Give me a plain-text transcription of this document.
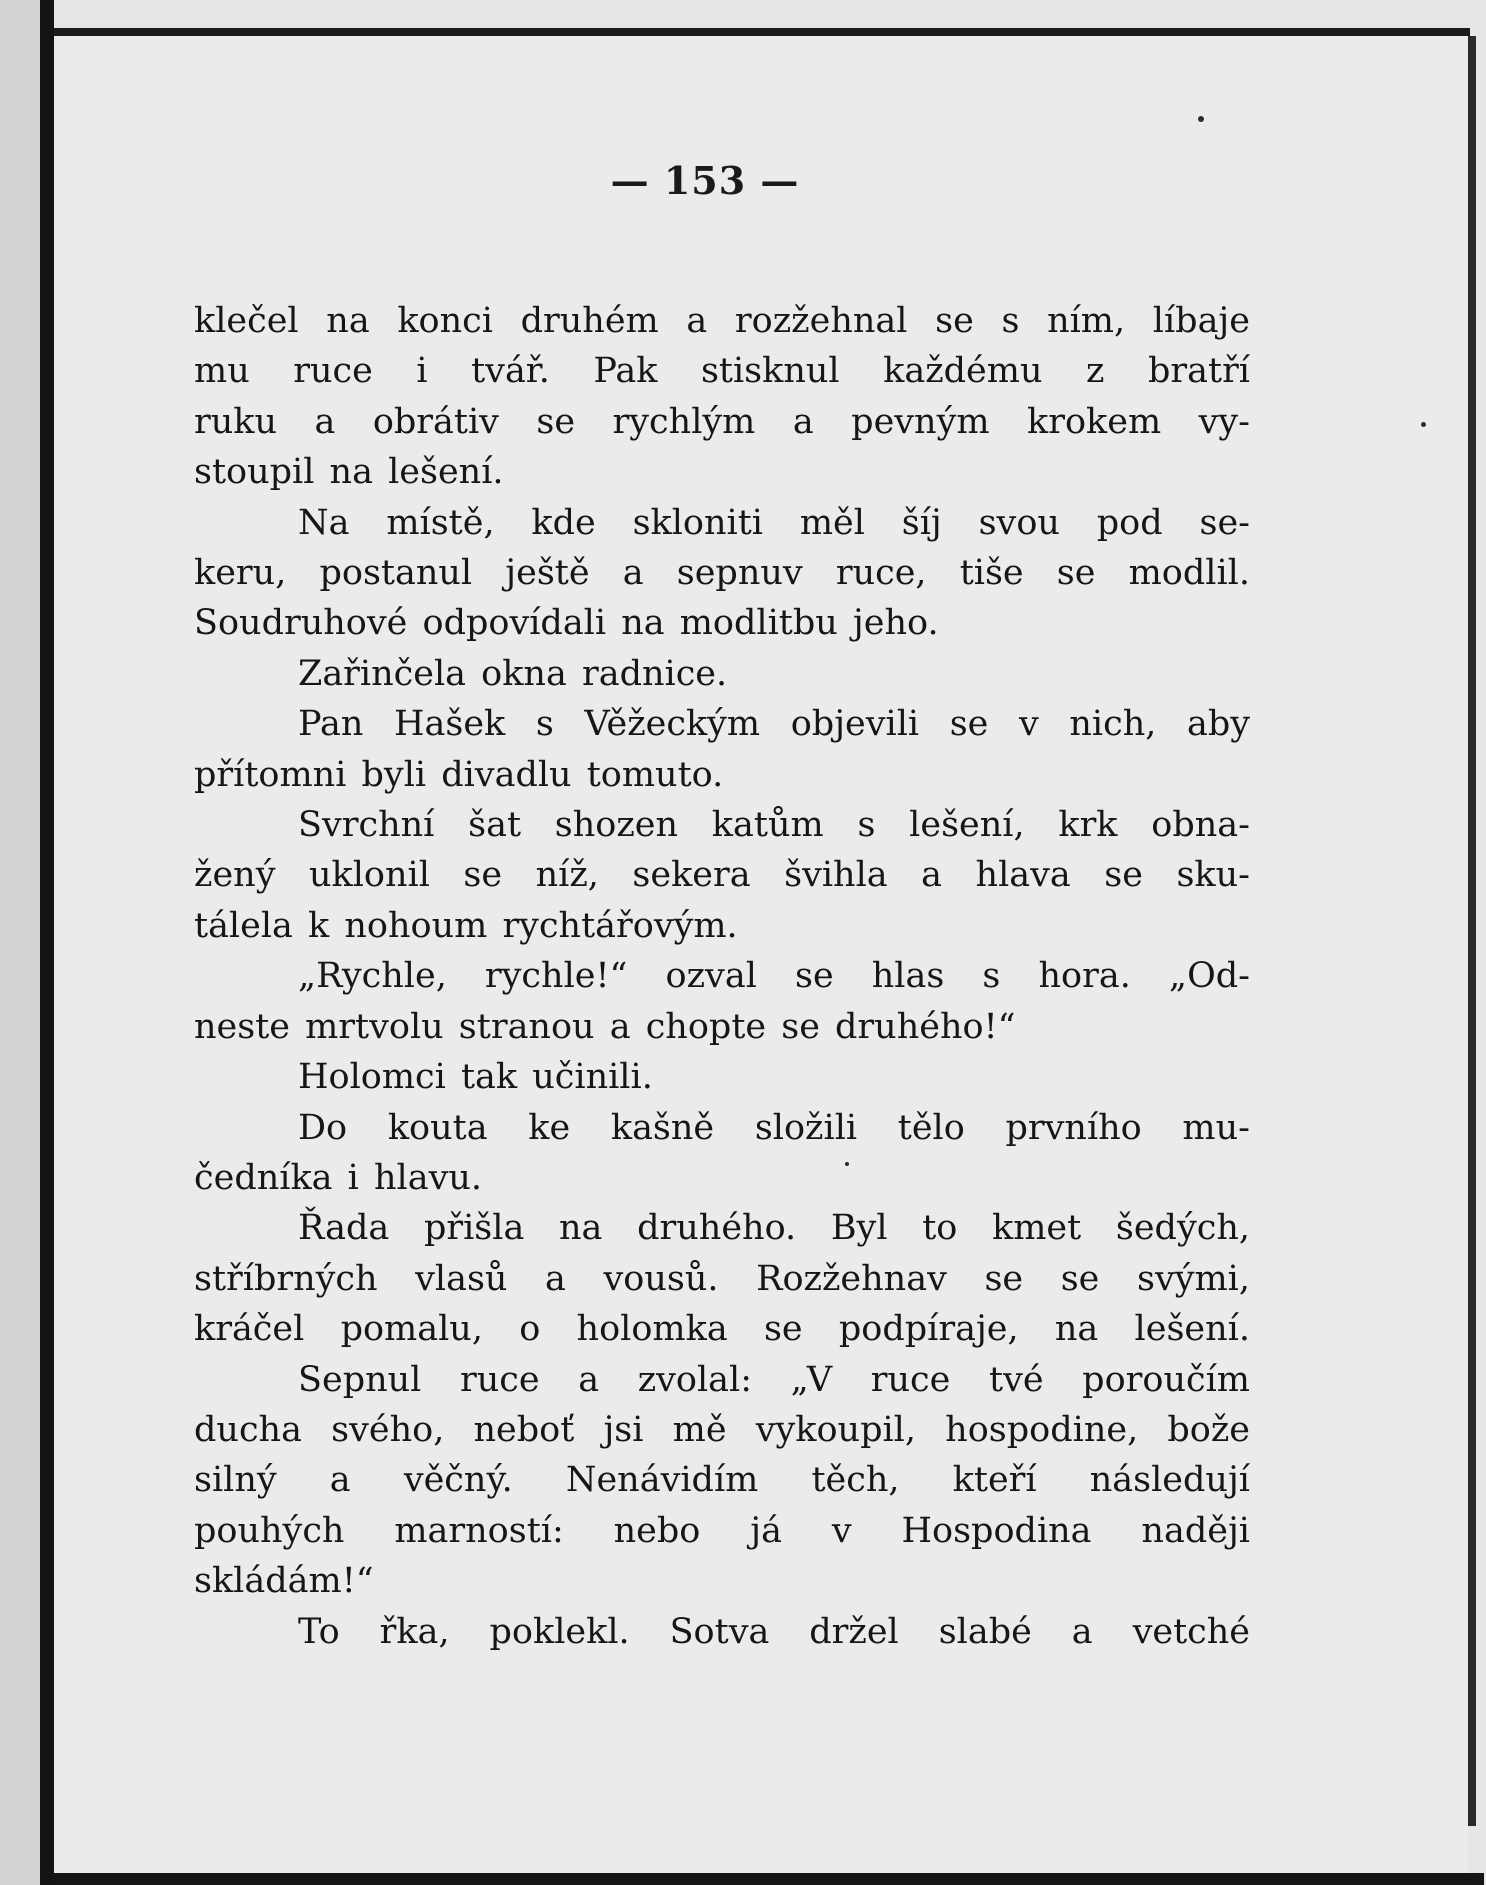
— 153 —
klečel na konci druhém a rozžehnal se s ním, líbaje
mu ruce i tvář. Pak stisknul každému z bratří
ruku a obrátiv se rychlým a pevným krokem vy-
stoupil na lešení.
Na místě, kde skloniti měl šíj svou pod se-
keru, postanul ještě a sepnuv ruce, tiše se modlil.
Soudruhové odpovídali na modlitbu jeho.
Zařinčela okna radnice.
Pan Hašek s Věžeckým objevili se v nich, aby
přítomni byli divadlu tomuto.
Svrchní šat shozen katům s lešení, krk obna-
žený uklonil se níž, sekera švihla a hlava se sku-
tálela k nohoum rychtářovým.
„Rychle, rychle!“ ozval se hlas s hora. „Od-
neste mrtvolu stranou a chopte se druhého!“
Holomci tak učinili.
Do kouta ke kašně složili tělo prvního mu-
čedníka i hlavu.
Řada přišla na druhého. Byl to kmet šedých,
stříbrných vlasů a vousů. Rozžehnav se se svými,
kráčel pomalu, o holomka se podpíraje, na lešení.
Sepnul ruce a zvolal: „V ruce tvé poroučím
ducha svého, neboť jsi mě vykoupil, hospodine, bože
silný a věčný. Nenávidím těch, kteří následují
pouhých marností: nebo já v Hospodina naději
skládám!“
To řka, poklekl. Sotva držel slabé a vetché
